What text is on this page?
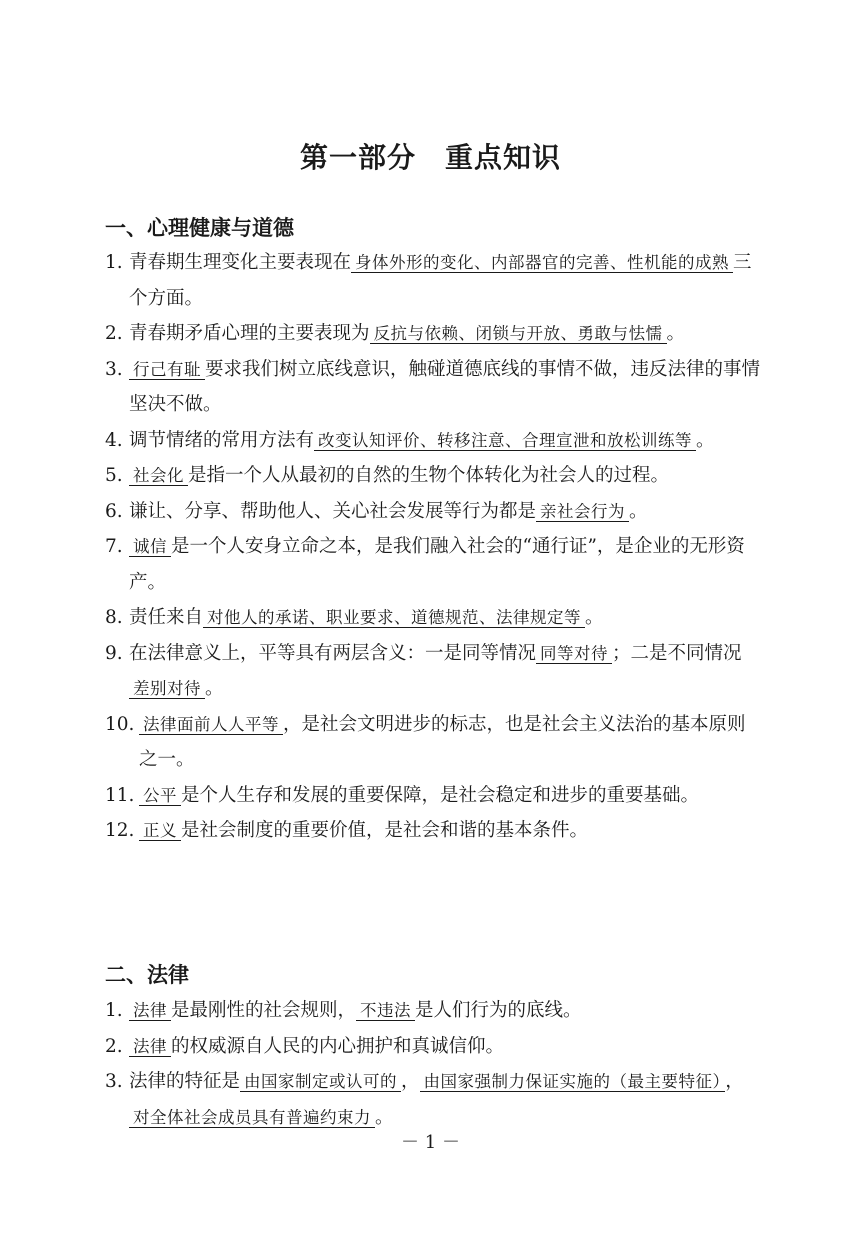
第一部分　重点知识
一、心理健康与道德
1. 青春期生理变化主要表现在 身体外形的变化、内部器官的完善、性机能的成熟 三个方面。
2. 青春期矛盾心理的主要表现为 反抗与依赖、闭锁与开放、勇敢与怯懦 。
3. 行己有耻 要求我们树立底线意识，触碰道德底线的事情不做，违反法律的事情坚决不做。
4. 调节情绪的常用方法有 改变认知评价、转移注意、合理宣泄和放松训练等 。
5. 社会化 是指一个人从最初的自然的生物个体转化为社会人的过程。
6. 谦让、分享、帮助他人、关心社会发展等行为都是 亲社会行为 。
7. 诚信 是一个人安身立命之本，是我们融入社会的“通行证”，是企业的无形资产。
8. 责任来自 对他人的承诺、职业要求、道德规范、法律规定等 。
9. 在法律意义上，平等具有两层含义：一是同等情况 同等对待 ；二是不同情况差别对待 。
10. 法律面前人人平等 ，是社会文明进步的标志，也是社会主义法治的基本原则之一。
11. 公平 是个人生存和发展的重要保障，是社会稳定和进步的重要基础。
12. 正义 是社会制度的重要价值，是社会和谐的基本条件。
二、法律
1. 法律 是最刚性的社会规则， 不违法 是人们行为的底线。
2. 法律 的权威源自人民的内心拥护和真诚信仰。
3. 法律的特征是 由国家制定或认可的 ， 由国家强制力保证实施的（最主要特征） ，对全体社会成员具有普遍约束力 。
－ 1 －
